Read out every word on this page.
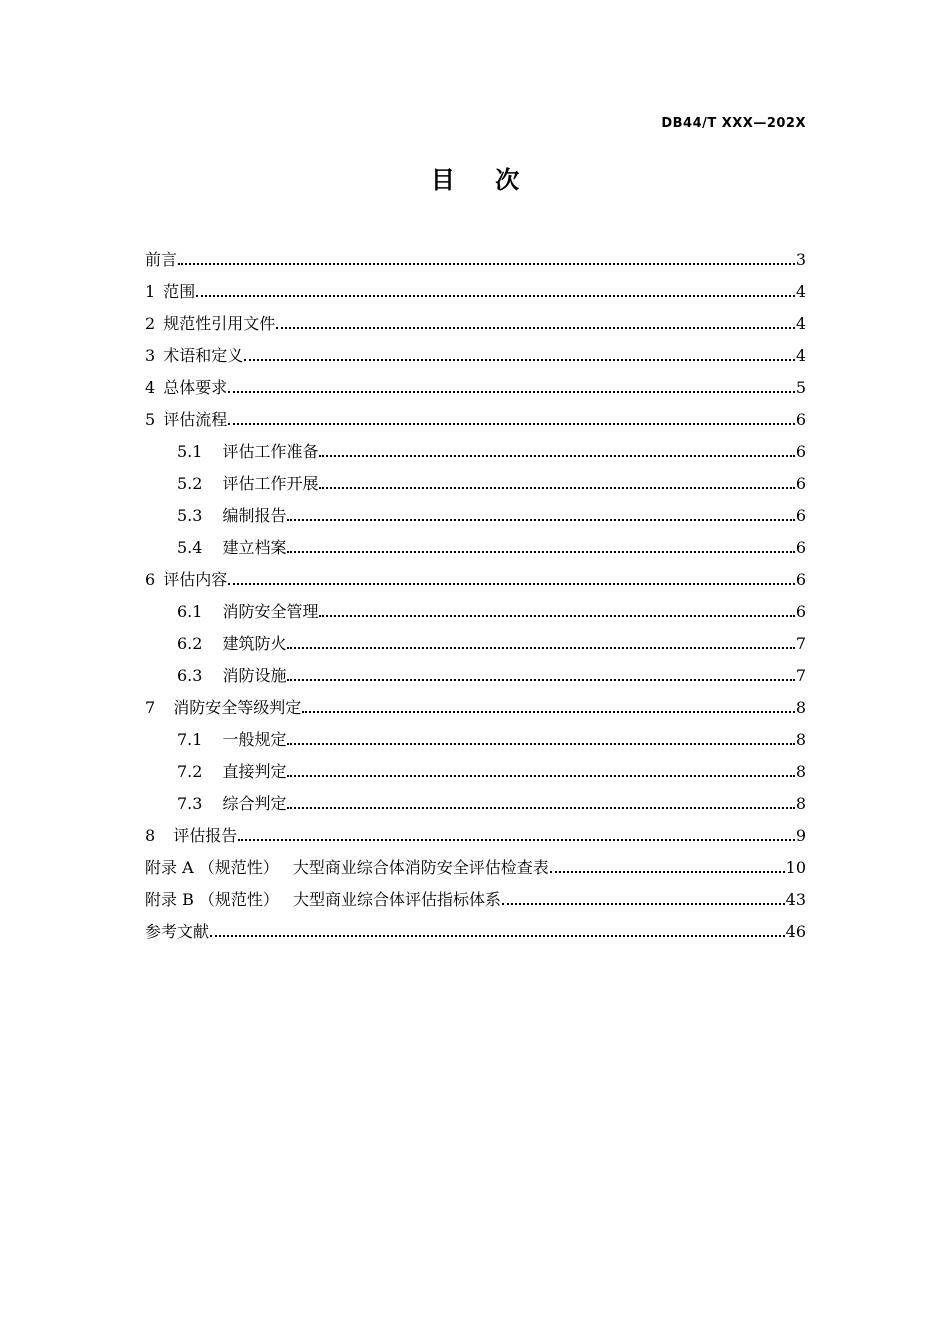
DB44/T XXX—202X
目 次
前言	3
1 范围	4
2 规范性引用文件	4
3 术语和定义	4
4 总体要求	5
5 评估流程	6
5.1 评估工作准备	6
5.2 评估工作开展	6
5.3 编制报告	6
5.4 建立档案	6
6 评估内容	6
6.1 消防安全管理	6
6.2 建筑防火	7
6.3 消防设施	7
7 消防安全等级判定	8
7.1 一般规定	8
7.2 直接判定	8
7.3 综合判定	8
8 评估报告	9
附录 A （规范性） 大型商业综合体消防安全评估检查表	10
附录 B （规范性） 大型商业综合体评估指标体系	43
参考文献	46
